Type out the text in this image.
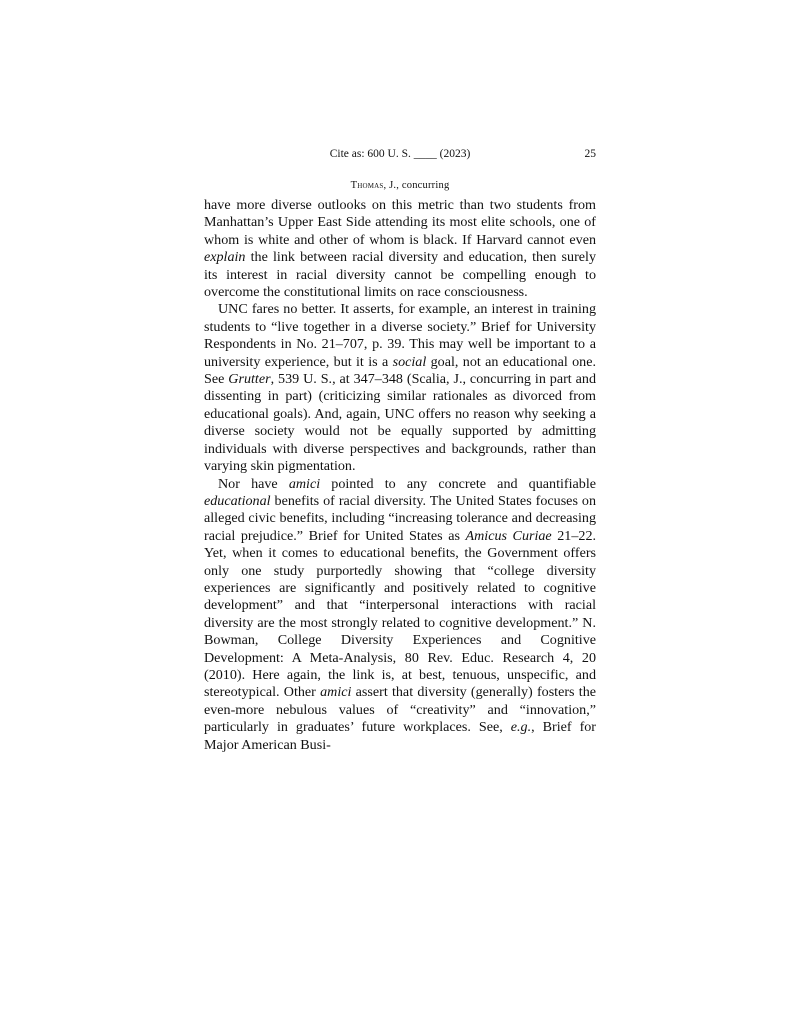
Cite as: 600 U. S. ____ (2023)	25
Thomas, J., concurring

have more diverse outlooks on this metric than two students from Manhattan’s Upper East Side attending its most elite schools, one of whom is white and other of whom is black. If Harvard cannot even explain the link between racial diversity and education, then surely its interest in racial diversity cannot be compelling enough to overcome the constitutional limits on race consciousness.

UNC fares no better. It asserts, for example, an interest in training students to “live together in a diverse society.” Brief for University Respondents in No. 21–707, p. 39. This may well be important to a university experience, but it is a social goal, not an educational one. See Grutter, 539 U. S., at 347–348 (Scalia, J., concurring in part and dissenting in part) (criticizing similar rationales as divorced from educational goals). And, again, UNC offers no reason why seeking a diverse society would not be equally supported by admitting individuals with diverse perspectives and backgrounds, rather than varying skin pigmentation.

Nor have amici pointed to any concrete and quantifiable educational benefits of racial diversity. The United States focuses on alleged civic benefits, including “increasing tolerance and decreasing racial prejudice.” Brief for United States as Amicus Curiae 21–22. Yet, when it comes to educational benefits, the Government offers only one study purportedly showing that “college diversity experiences are significantly and positively related to cognitive development” and that “interpersonal interactions with racial diversity are the most strongly related to cognitive development.” N. Bowman, College Diversity Experiences and Cognitive Development: A Meta-Analysis, 80 Rev. Educ. Research 4, 20 (2010). Here again, the link is, at best, tenuous, unspecific, and stereotypical. Other amici assert that diversity (generally) fosters the even-more nebulous values of “creativity” and “innovation,” particularly in graduates’ future workplaces. See, e.g., Brief for Major American Busi-
